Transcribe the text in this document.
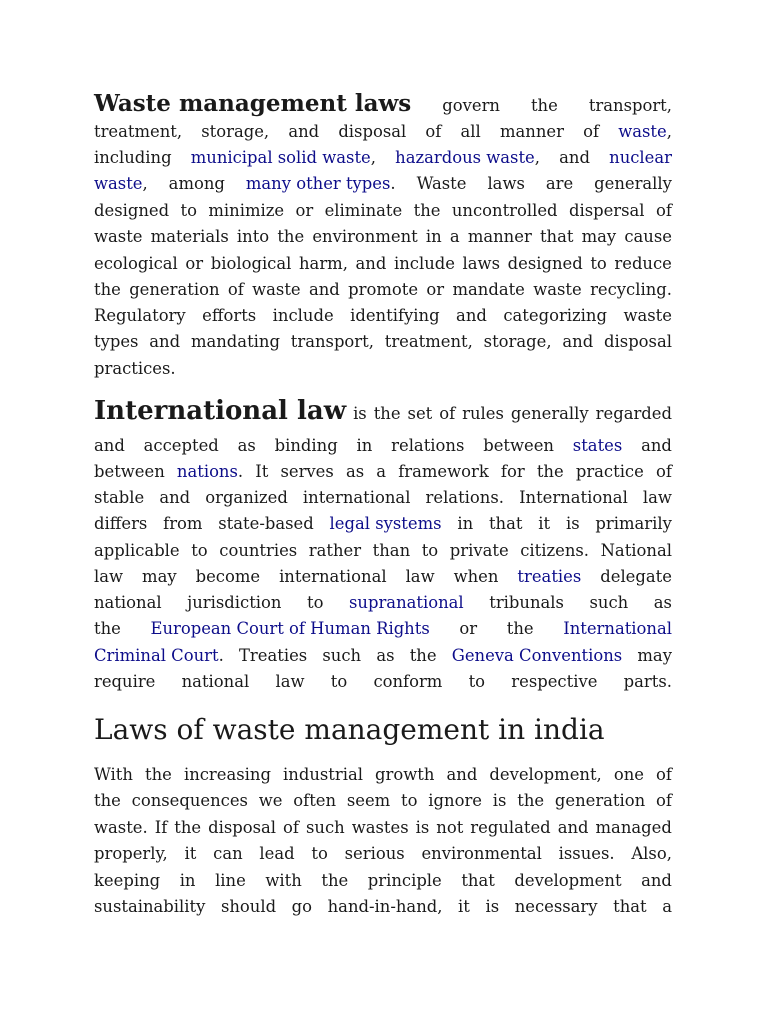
Laws of waste management in india
Waste management laws govern the transport,
treatment, storage, and disposal of all manner of waste,
including municipal solid waste, hazardous waste, and nuclear
waste, among many other types. Waste laws are generally
designed to minimize or eliminate the uncontrolled dispersal of
waste materials into the environment in a manner that may cause
ecological or biological harm, and include laws designed to reduce
the generation of waste and promote or mandate waste recycling.
Regulatory efforts include identifying and categorizing waste
types and mandating transport, treatment, storage, and disposal
practices.
International law is the set of rules generally regarded
and accepted as binding in relations between states and
between nations. It serves as a framework for the practice of
stable and organized international relations. International law
differs from state-based legal systems in that it is primarily
applicable to countries rather than to private citizens. National
law may become international law when treaties delegate
national jurisdiction to supranational tribunals such as
the European Court of Human Rights or the International
Criminal Court. Treaties such as the Geneva Conventions may
require national law to conform to respective parts.
With the increasing industrial growth and development, one of
the consequences we often seem to ignore is the generation of
waste. If the disposal of such wastes is not regulated and managed
properly, it can lead to serious environmental issues. Also,
keeping in line with the principle that development and
sustainability should go hand-in-hand, it is necessary that a
